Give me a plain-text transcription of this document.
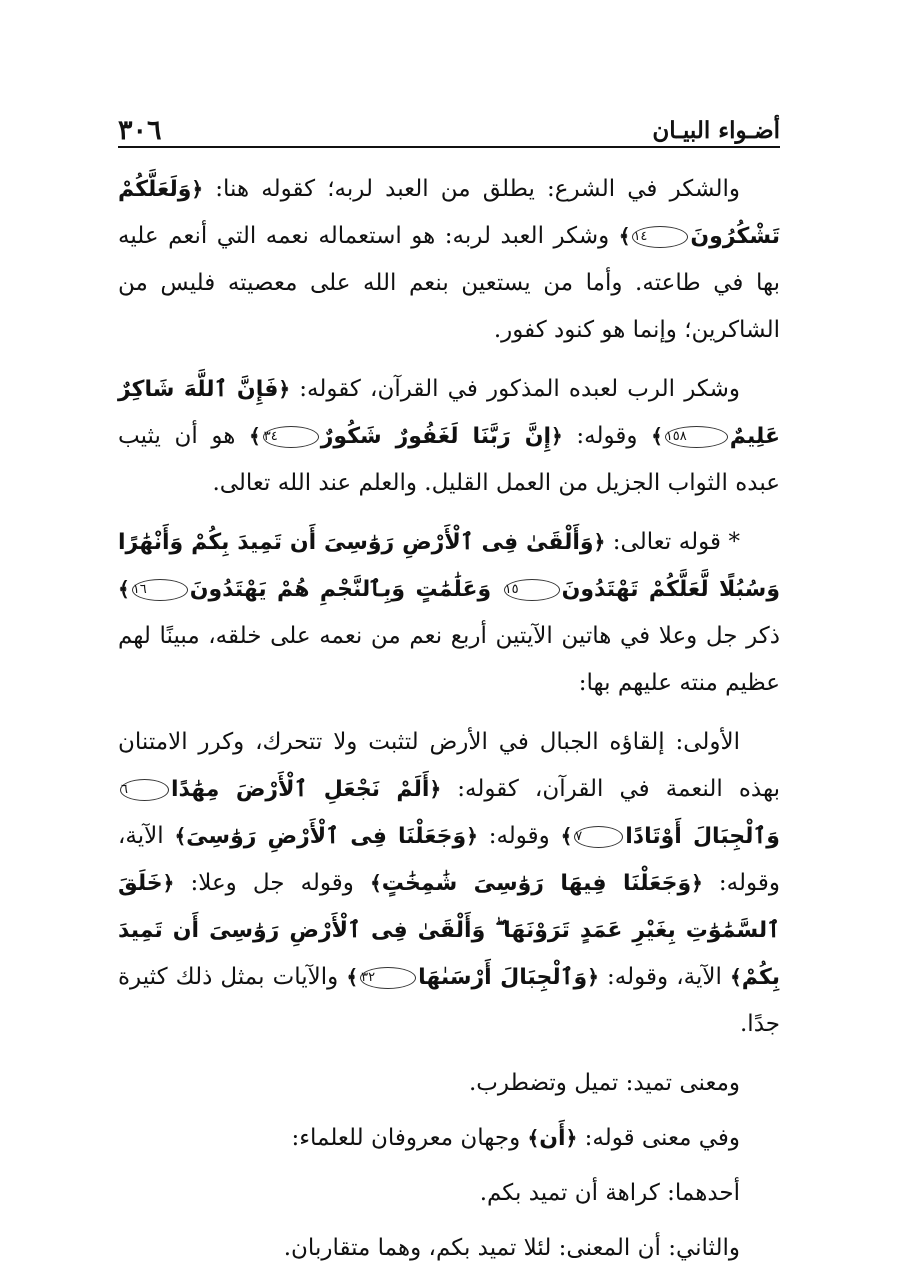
أضـواء البيـان
٣٠٦

والشكر في الشرع: يطلق من العبد لربه؛ كقوله هنا: ﴿وَلَعَلَّكُمْ تَشْكُرُونَ١٤﴾ وشكر العبد لربه: هو استعماله نعمه التي أنعم عليه بها في طاعته. وأما من يستعين بنعم الله على معصيته فليس من الشاكرين؛ وإنما هو كنود كفور.

وشكر الرب لعبده المذكور في القرآن، كقوله: ﴿فَإِنَّ ٱللَّهَ شَاكِرٌ عَلِيمٌ١٥٨﴾ وقوله: ﴿إِنَّ رَبَّنَا لَغَفُورٌ شَكُورٌ٣٤﴾ هو أن يثيب عبده الثواب الجزيل من العمل القليل. والعلم عند الله تعالى.

* قوله تعالى: ﴿وَأَلْقَىٰ فِى ٱلْأَرْضِ رَوَٰسِىَ أَن تَمِيدَ بِكُمْ وَأَنْهَٰرًا وَسُبُلًا لَّعَلَّكُمْ تَهْتَدُونَ١٥ وَعَلَٰمَٰتٍ وَبِٱلنَّجْمِ هُمْ يَهْتَدُونَ١٦﴾ ذكر جل وعلا في هاتين الآيتين أربع نعم من نعمه على خلقه، مبينًا لهم عظيم منته عليهم بها:

الأولى: إلقاؤه الجبال في الأرض لتثبت ولا تتحرك، وكرر الامتنان بهذه النعمة في القرآن، كقوله: ﴿أَلَمْ نَجْعَلِ ٱلْأَرْضَ مِهَٰدًا٦ وَٱلْجِبَالَ أَوْتَادًا٧﴾ وقوله: ﴿وَجَعَلْنَا فِى ٱلْأَرْضِ رَوَٰسِىَ﴾ الآية، وقوله: ﴿وَجَعَلْنَا فِيهَا رَوَٰسِىَ شَٰمِخَٰتٍ﴾ وقوله جل وعلا: ﴿خَلَقَ ٱلسَّمَٰوَٰتِ بِغَيْرِ عَمَدٍ تَرَوْنَهَا ۖ وَأَلْقَىٰ فِى ٱلْأَرْضِ رَوَٰسِىَ أَن تَمِيدَ بِكُمْ﴾ الآية، وقوله: ﴿وَٱلْجِبَالَ أَرْسَىٰهَا٣٢﴾ والآيات بمثل ذلك كثيرة جدًا.

ومعنى تميد: تميل وتضطرب.

وفي معنى قوله: ﴿أَن﴾ وجهان معروفان للعلماء:

أحدهما: كراهة أن تميد بكم.

والثاني: أن المعنى: لئلا تميد بكم، وهما متقاربان.
